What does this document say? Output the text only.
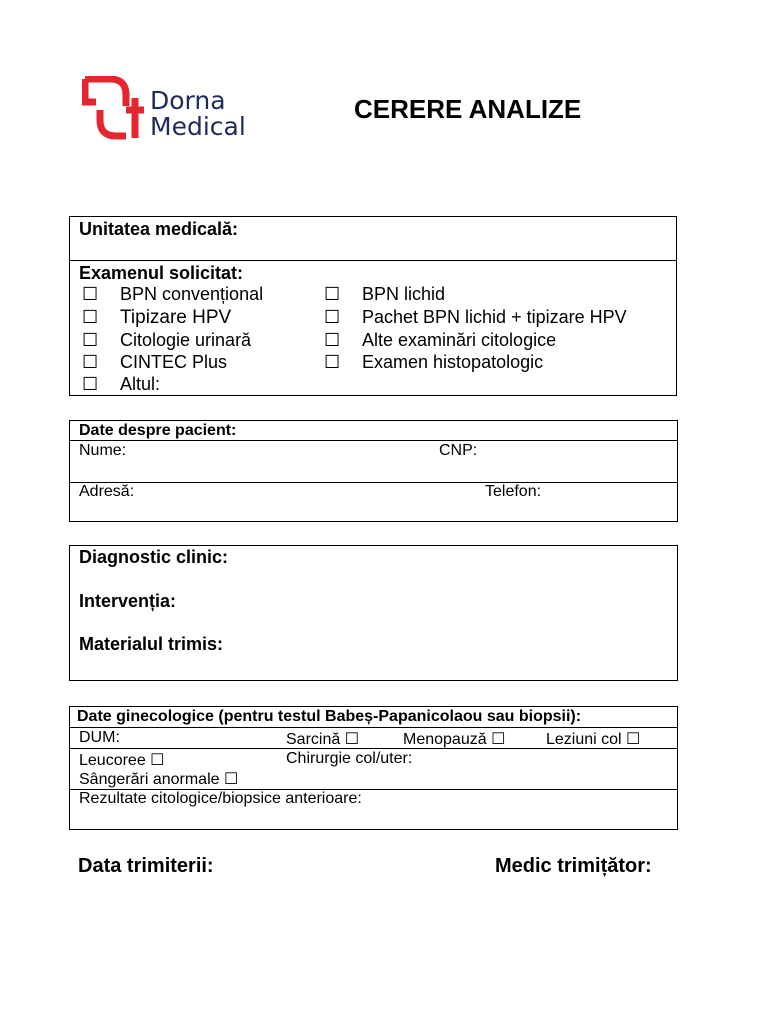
Dorna
Medical
CERERE ANALIZE
Unitatea medicală:
Examenul solicitat:
☐ BPN convențional
☐ Tipizare HPV
☐ Citologie urinară
☐ CINTEC Plus
☐ Altul:
☐ BPN lichid
☐ Pachet BPN lichid + tipizare HPV
☐ Alte examinări citologice
☐ Examen histopatologic
Date despre pacient:
Nume:	CNP:
Adresă:	Telefon:
Diagnostic clinic:
Intervenția:
Materialul trimis:
Date ginecologice (pentru testul Babeș-Papanicolaou sau biopsii):
DUM:	Sarcină ☐	Menopauză ☐	Leziuni col ☐
Leucoree ☐	Chirurgie col/uter:
Sângerări anormale ☐
Rezultate citologice/biopsice anterioare:
Data trimiterii:	Medic trimițător:
